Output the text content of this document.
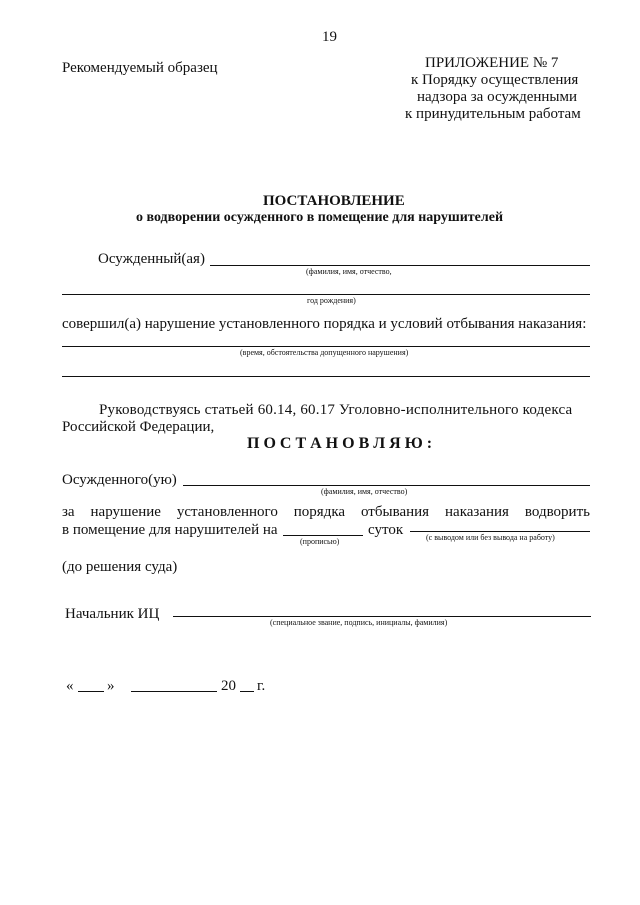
19
Рекомендуемый образец	ПРИЛОЖЕНИЕ № 7
к Порядку осуществления
надзора за осужденными
к принудительным работам
ПОСТАНОВЛЕНИЕ
о водворении осужденного в помещение для нарушителей
Осужденный(ая)
(фамилия, имя, отчество,
год рождения)
совершил(а) нарушение установленного порядка и условий отбывания наказания:
(время, обстоятельства допущенного нарушения)
Руководствуясь статьей 60.14, 60.17 Уголовно-исполнительного кодекса
Российской Федерации,
П О С Т А Н О В Л Я Ю :
Осужденного(ую)
(фамилия, имя, отчество)
за нарушение установленного порядка отбывания наказания водворить
в помещение для нарушителей на
(прописью)
суток	(с выводом или без вывода на работу)
(до решения суда)
Начальник ИЦ
(специальное звание, подпись, инициалы, фамилия)
« »	20 г.
